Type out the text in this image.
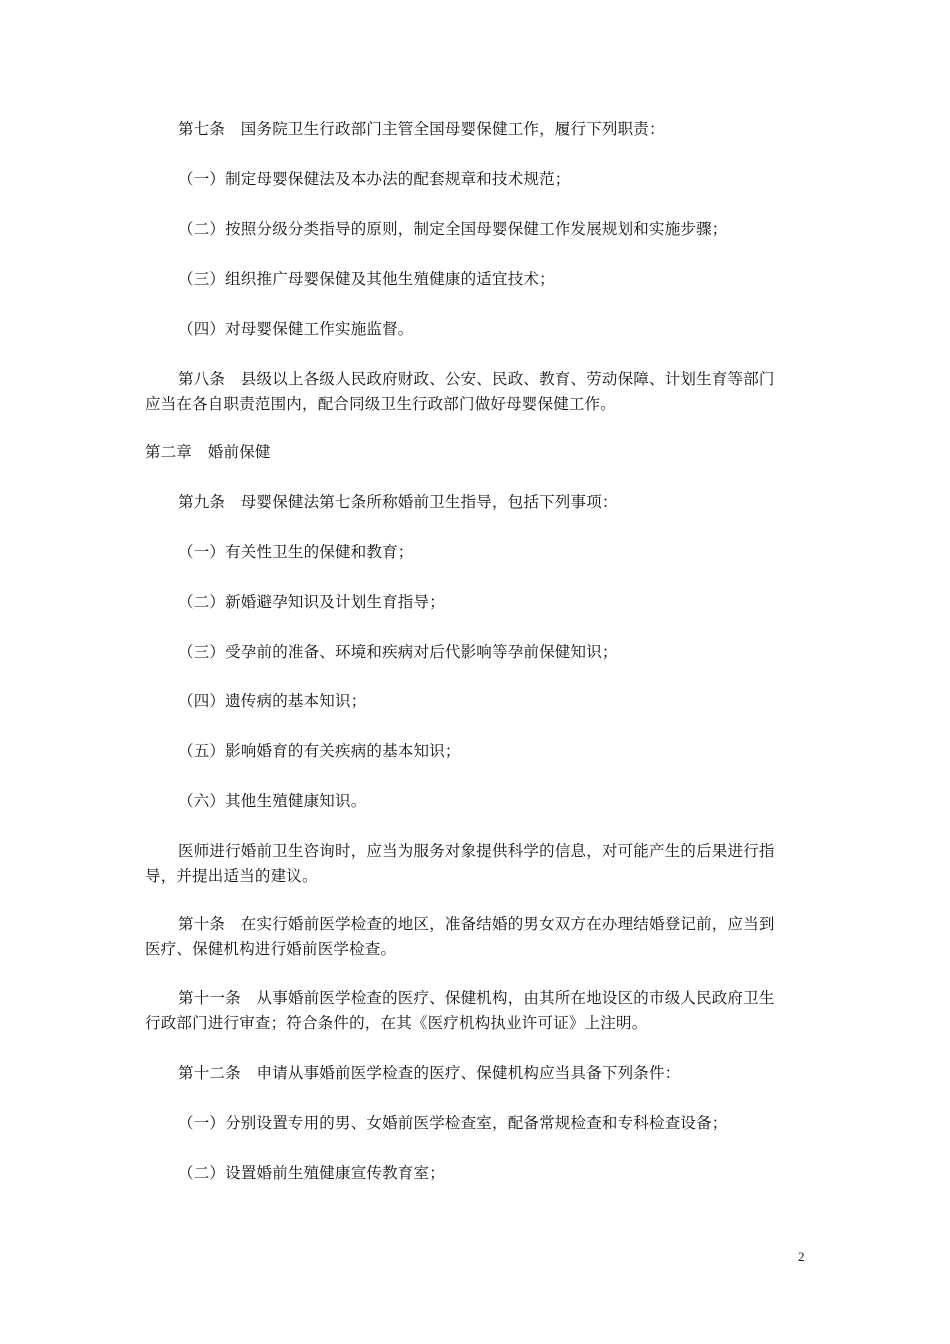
第七条　国务院卫生行政部门主管全国母婴保健工作，履行下列职责：
（一）制定母婴保健法及本办法的配套规章和技术规范；
（二）按照分级分类指导的原则，制定全国母婴保健工作发展规划和实施步骤；
（三）组织推广母婴保健及其他生殖健康的适宜技术；
（四）对母婴保健工作实施监督。
第八条　县级以上各级人民政府财政、公安、民政、教育、劳动保障、计划生育等部门
应当在各自职责范围内，配合同级卫生行政部门做好母婴保健工作。
第二章　婚前保健
第九条　母婴保健法第七条所称婚前卫生指导，包括下列事项：
（一）有关性卫生的保健和教育；
（二）新婚避孕知识及计划生育指导；
（三）受孕前的准备、环境和疾病对后代影响等孕前保健知识；
（四）遗传病的基本知识；
（五）影响婚育的有关疾病的基本知识；
（六）其他生殖健康知识。
医师进行婚前卫生咨询时，应当为服务对象提供科学的信息，对可能产生的后果进行指
导，并提出适当的建议。
第十条　在实行婚前医学检查的地区，准备结婚的男女双方在办理结婚登记前，应当到
医疗、保健机构进行婚前医学检查。
第十一条　从事婚前医学检查的医疗、保健机构，由其所在地设区的市级人民政府卫生
行政部门进行审查；符合条件的，在其《医疗机构执业许可证》上注明。
第十二条　申请从事婚前医学检查的医疗、保健机构应当具备下列条件：
（一）分别设置专用的男、女婚前医学检查室，配备常规检查和专科检查设备；
（二）设置婚前生殖健康宣传教育室；
2
